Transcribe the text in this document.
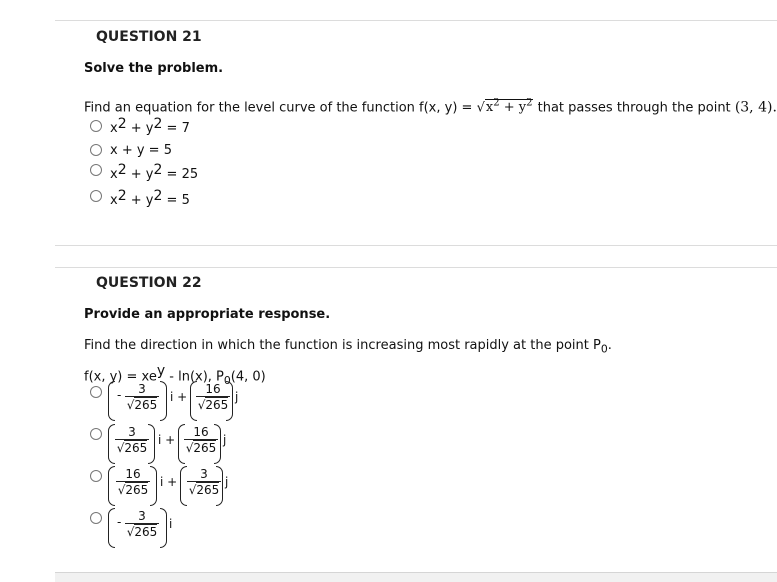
QUESTION 21
Solve the problem.
Find an equation for the level curve of the function f(x, $y) = √x^2 + y^2$ that passes through the point (3, 4).
$x^2 + y^2 = 7$
x + y = 5
$x^2 + y^2 = 25$
$x^2 + y^2 = 5$
QUESTION 22
Provide an appropriate response.
Find the direction in which the function is increasing most rapidly at the point $P_0$.
f(x, $y) = xe^y - \ln(x)$, $P_0(4$, 0)
- $\frac{3}{√265}$ $i + \frac{16}{√265}$ j
$\frac{3}{√265}$ $i + \frac{16}{√265}$ j
$\frac{16}{√265}$ $i + \frac{3}{√265}$ j
- $\frac{3}{√265}$ i
